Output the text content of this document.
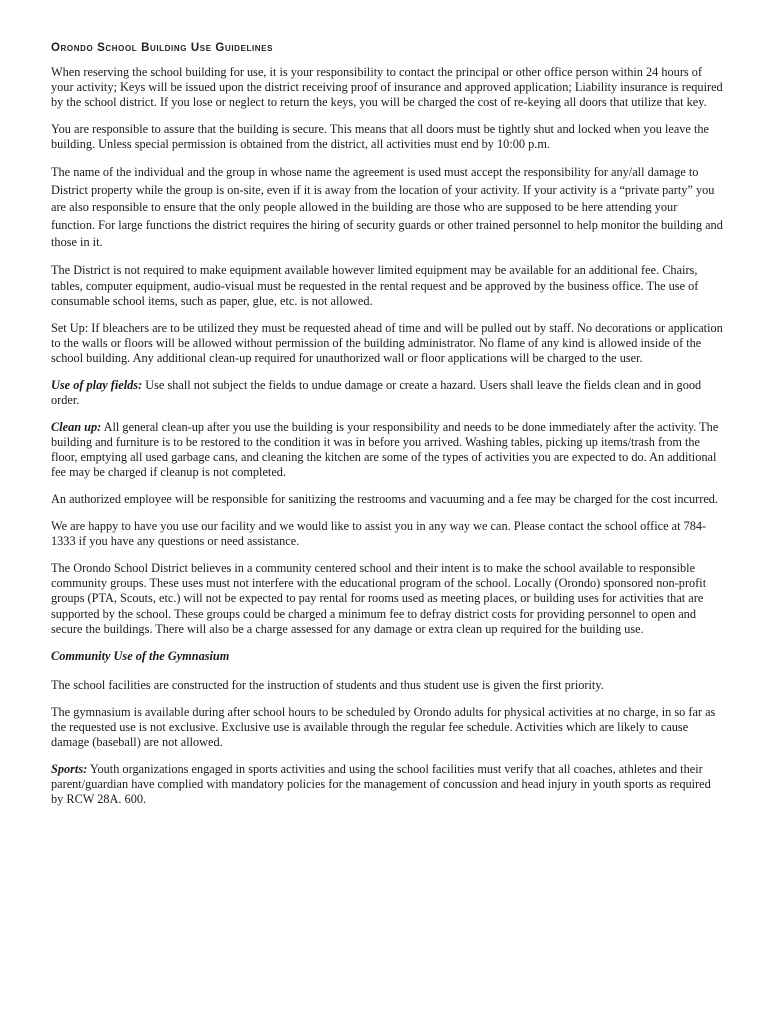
Orondo School Building Use Guidelines

When reserving the school building for use, it is your responsibility to contact the principal or other office person within 24 hours of your activity; Keys will be issued upon the district receiving proof of insurance and approved application; Liability insurance is required by the school district. If you lose or neglect to return the keys, you will be charged the cost of re-keying all doors that utilize that key.

You are responsible to assure that the building is secure. This means that all doors must be tightly shut and locked when you leave the building. Unless special permission is obtained from the district, all activities must end by 10:00 p.m.

The name of the individual and the group in whose name the agreement is used must accept the responsibility for any/all damage to District property while the group is on-site, even if it is away from the location of your activity. If your activity is a “private party” you are also responsible to ensure that the only people allowed in the building are those who are supposed to be here attending your function. For large functions the district requires the hiring of security guards or other trained personnel to help monitor the building and those in it.

The District is not required to make equipment available however limited equipment may be available for an additional fee. Chairs, tables, computer equipment, audio-visual must be requested in the rental request and be approved by the business office. The use of consumable school items, such as paper, glue, etc. is not allowed.

Set Up: If bleachers are to be utilized they must be requested ahead of time and will be pulled out by staff. No decorations or application to the walls or floors will be allowed without permission of the building administrator. No flame of any kind is allowed inside of the school building. Any additional clean-up required for unauthorized wall or floor applications will be charged to the user.

Use of play fields: Use shall not subject the fields to undue damage or create a hazard. Users shall leave the fields clean and in good order.

Clean up: All general clean-up after you use the building is your responsibility and needs to be done immediately after the activity. The building and furniture is to be restored to the condition it was in before you arrived. Washing tables, picking up items/trash from the floor, emptying all used garbage cans, and cleaning the kitchen are some of the types of activities you are expected to do. An additional fee may be charged if cleanup is not completed.

An authorized employee will be responsible for sanitizing the restrooms and vacuuming and a fee may be charged for the cost incurred.

We are happy to have you use our facility and we would like to assist you in any way we can. Please contact the school office at 784-1333 if you have any questions or need assistance.

The Orondo School District believes in a community centered school and their intent is to make the school available to responsible community groups. These uses must not interfere with the educational program of the school. Locally (Orondo) sponsored non-profit groups (PTA, Scouts, etc.) will not be expected to pay rental for rooms used as meeting places, or building uses for activities that are supported by the school. These groups could be charged a minimum fee to defray district costs for providing personnel to open and secure the buildings. There will also be a charge assessed for any damage or extra clean up required for the building use.

Community Use of the Gymnasium

The school facilities are constructed for the instruction of students and thus student use is given the first priority.

The gymnasium is available during after school hours to be scheduled by Orondo adults for physical activities at no charge, in so far as the requested use is not exclusive. Exclusive use is available through the regular fee schedule. Activities which are likely to cause damage (baseball) are not allowed.

Sports: Youth organizations engaged in sports activities and using the school facilities must verify that all coaches, athletes and their parent/guardian have complied with mandatory policies for the management of concussion and head injury in youth sports as required by RCW 28A. 600.
